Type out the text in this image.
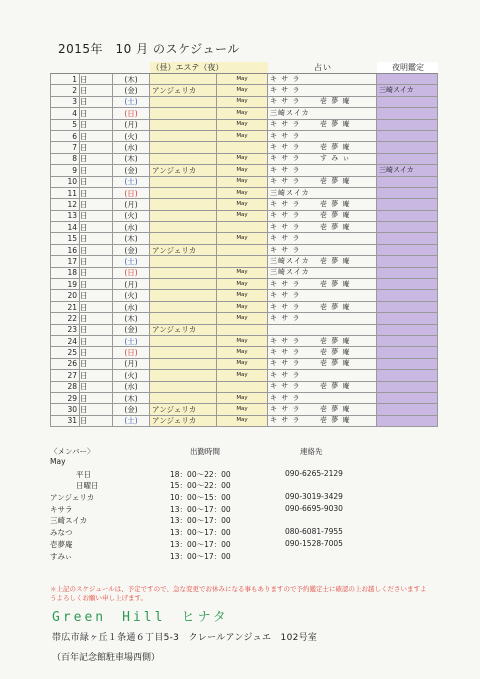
2015年　10 月 のスケジュール
			（昼）エステ（夜）		占い	夜明鑑定
1	日	(木)		May	キ サ ラ	
2	日	(金)	アンジェリカ	May	キ サ ラ	三崎スイカ
3	日	(土)		May	キ サ ラ 壱 夢 庵	
4	日	(日)		May	三崎スイカ	
5	日	(月)		May	キ サ ラ 壱 夢 庵	
6	日	(火)		May	キ サ ラ	
7	日	(水)			キ サ ラ 壱 夢 庵	
8	日	(木)		May	キ サ ラ す み ぃ	
9	日	(金)	アンジェリカ	May	キ サ ラ	三崎スイカ
10	日	(土)		May	キ サ ラ 壱 夢 庵	
11	日	(日)		May	三崎スイカ	
12	日	(月)		May	キ サ ラ 壱 夢 庵	
13	日	(火)		May	キ サ ラ 壱 夢 庵	
14	日	(水)			キ サ ラ 壱 夢 庵	
15	日	(木)		May	キ サ ラ	
16	日	(金)	アンジェリカ		キ サ ラ	
17	日	(土)			三崎スイカ 壱 夢 庵	
18	日	(日)		May	三崎スイカ	
19	日	(月)		May	キ サ ラ 壱 夢 庵	
20	日	(火)		May	キ サ ラ	
21	日	(水)		May	キ サ ラ 壱 夢 庵	
22	日	(木)		May	キ サ ラ	
23	日	(金)	アンジェリカ			
24	日	(土)		May	キ サ ラ 壱 夢 庵	
25	日	(日)		May	キ サ ラ 壱 夢 庵	
26	日	(月)		May	キ サ ラ 壱 夢 庵	
27	日	(火)		May	キ サ ラ	
28	日	(水)			キ サ ラ 壱 夢 庵	
29	日	(木)		May	キ サ ラ	
30	日	(金)	アンジェリカ	May	キ サ ラ 壱 夢 庵	
31	日	(土)	アンジェリカ	May	キ サ ラ 壱 夢 庵	
〈メンバー〉	出勤時間	連絡先
May
平日	18：00～22：00	090-6265-2129
日曜日	15：00～22：00
アンジェリカ	10：00～15：00	090-3019-3429
キサラ	13：00～17：00	090-6695-9030
三崎スイカ	13：00～17：00
みなつ	13：00～17：00	080-6081-7955
壱夢庵	13：00～17：00	090-1528-7005
すみぃ	13：00～17：00
＊上記のスケジュールは、予定ですので、急な変更でお休みになる事もありますので予約鑑定士に確認の上お越しくださいますようよろしくお願い申し上げます。
Green　Hill　ヒナタ
帯広市緑ヶ丘１条通６丁目5-3　クレールアンジュエ　102号室
（百年記念館駐車場西側）
